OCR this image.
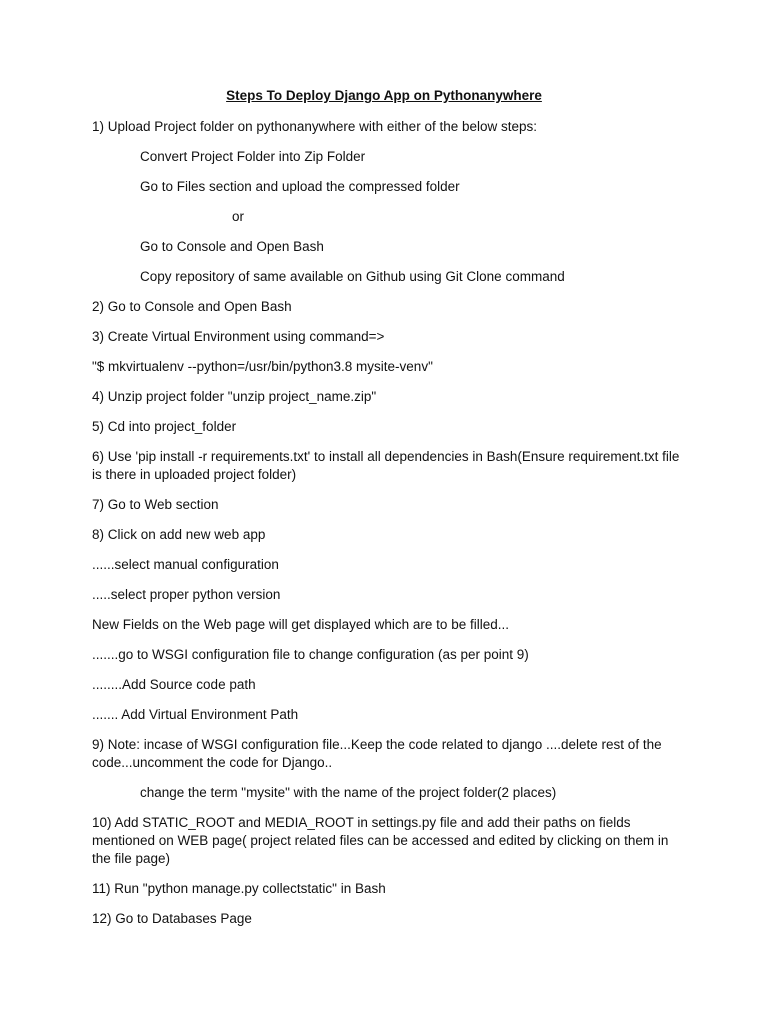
Steps To Deploy Django App on Pythonanywhere

1) Upload Project folder on pythonanywhere with either of the below steps:

Convert Project Folder into Zip Folder

Go to Files section and upload the compressed folder

or

Go to Console and Open Bash

Copy repository of same available on Github using Git Clone command

2) Go to Console and Open Bash

3) Create Virtual Environment using command=>

"$ mkvirtualenv --python=/usr/bin/python3.8 mysite-venv"

4) Unzip project folder "unzip project_name.zip"

5) Cd into project_folder

6) Use 'pip install -r requirements.txt' to install all dependencies in Bash(Ensure requirement.txt file is there in uploaded project folder)

7) Go to Web section

8) Click on add new web app

......select manual configuration

.....select proper python version

New Fields on the Web page will get displayed which are to be filled...

.......go to WSGI configuration file to change configuration (as per point 9)

........Add Source code path

....... Add Virtual Environment Path

9) Note: incase of WSGI configuration file...Keep the code related to django ....delete rest of the code...uncomment the code for Django..

change the term "mysite" with the name of the project folder(2 places)

10) Add STATIC_ROOT and MEDIA_ROOT in settings.py file and add their paths on fields mentioned on WEB page( project related files can be accessed and edited by clicking on them in the file page)

11) Run "python manage.py collectstatic" in Bash

12) Go to Databases Page
